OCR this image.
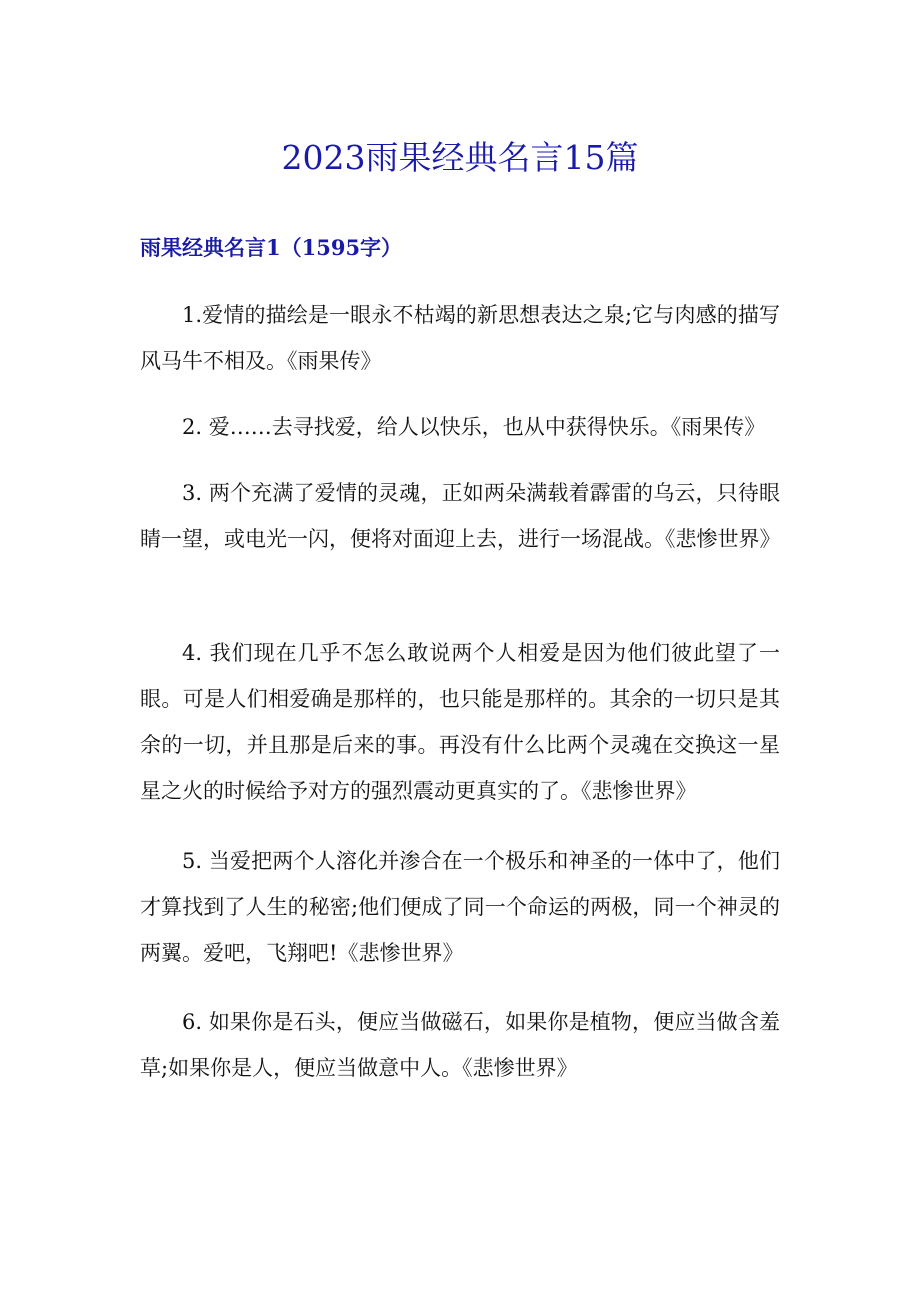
2023雨果经典名言15篇
雨果经典名言1（1595字）

1.爱情的描绘是一眼永不枯竭的新思想表达之泉;它与肉感的描写风马牛不相及。《雨果传》

2. 爱……去寻找爱，给人以快乐，也从中获得快乐。《雨果传》

3. 两个充满了爱情的灵魂，正如两朵满载着霹雷的乌云，只待眼睛一望，或电光一闪，便将对面迎上去，进行一场混战。《悲惨世界》

4. 我们现在几乎不怎么敢说两个人相爱是因为他们彼此望了一眼。可是人们相爱确是那样的，也只能是那样的。其余的一切只是其余的一切，并且那是后来的事。再没有什么比两个灵魂在交换这一星星之火的时候给予对方的强烈震动更真实的了。《悲惨世界》

5. 当爱把两个人溶化并渗合在一个极乐和神圣的一体中了，他们才算找到了人生的秘密;他们便成了同一个命运的两极，同一个神灵的两翼。爱吧，飞翔吧!《悲惨世界》

6. 如果你是石头，便应当做磁石，如果你是植物，便应当做含羞草;如果你是人，便应当做意中人。《悲惨世界》
